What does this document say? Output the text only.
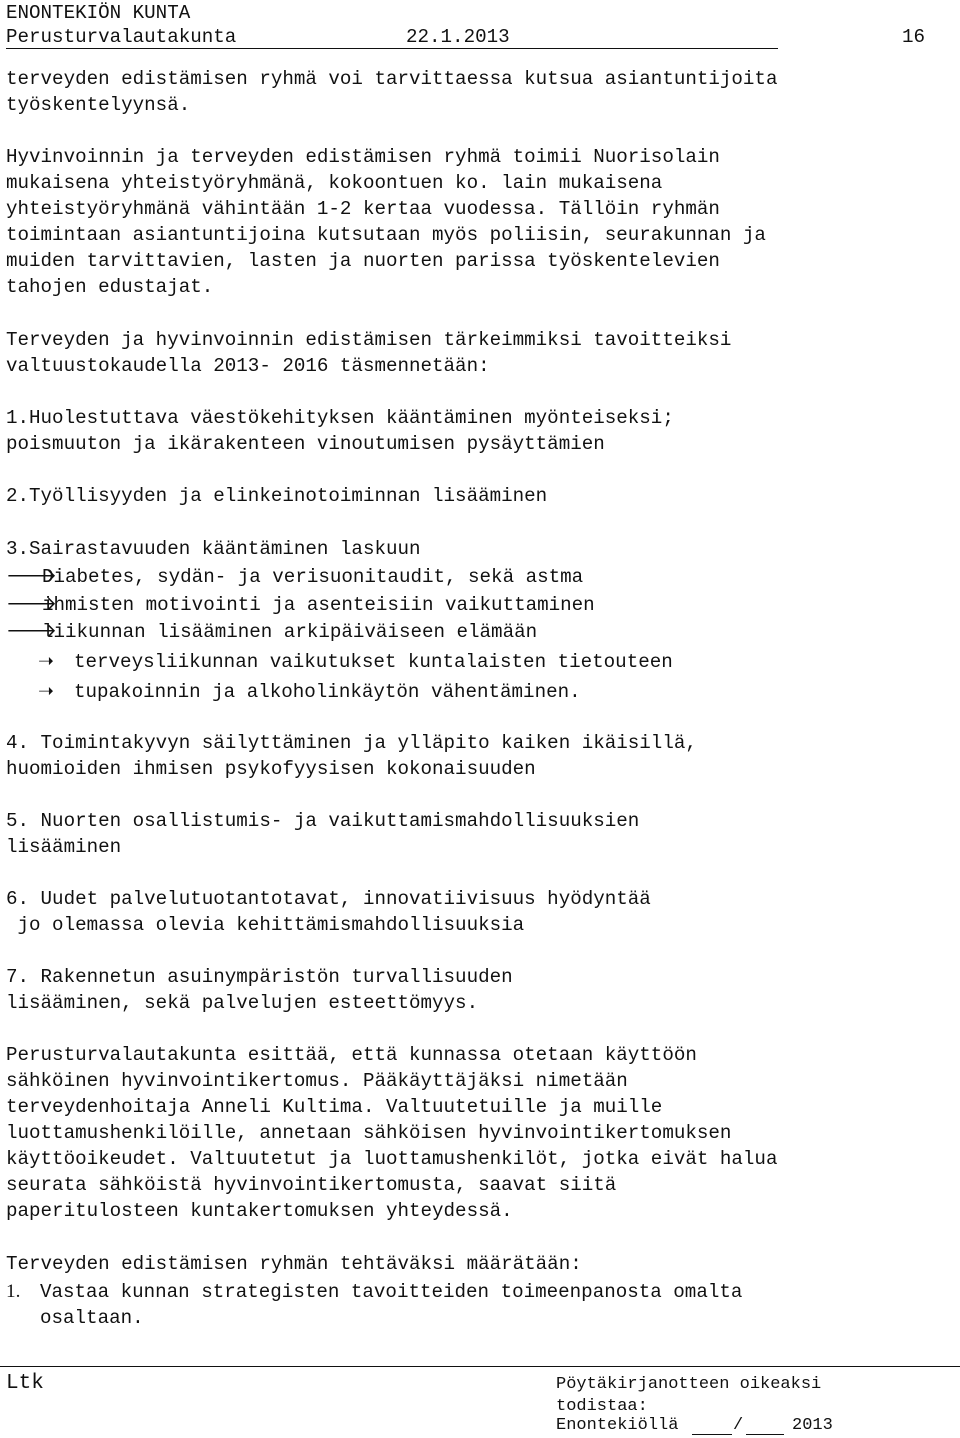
ENONTEKIÖN KUNTA
Perusturvalautakunta	22.1.2013	16
terveyden edistämisen ryhmä voi tarvittaessa kutsua asiantuntijoita
työskentelyynsä.
Hyvinvoinnin ja terveyden edistämisen ryhmä toimii Nuorisolain
mukaisena yhteistyöryhmänä, kokoontuen ko. lain mukaisena
yhteistyöryhmänä vähintään 1-2 kertaa vuodessa. Tällöin ryhmän
toimintaan asiantuntijoina kutsutaan myös poliisin, seurakunnan ja
muiden tarvittavien, lasten ja nuorten parissa työskentelevien
tahojen edustajat.
Terveyden ja hyvinvoinnin edistämisen tärkeimmiksi tavoitteiksi
valtuustokaudella 2013- 2016 täsmennetään:
1.Huolestuttava väestökehityksen kääntäminen myönteiseksi;
poismuuton ja ikärakenteen vinoutumisen pysäyttämien
2.Työllisyyden ja elinkeinotoiminnan lisääminen
3.Sairastavuuden kääntäminen laskuun
🡒Diabetes, sydän- ja verisuonitaudit, sekä astma
🡒ihmisten motivointi ja asenteisiin vaikuttaminen
🡒liikunnan lisääminen arkipäiväiseen elämään
➝ terveysliikunnan vaikutukset kuntalaisten tietouteen
➝ tupakoinnin ja alkoholinkäytön vähentäminen.
4. Toimintakyvyn säilyttäminen ja ylläpito kaiken ikäisillä,
huomioiden ihmisen psykofyysisen kokonaisuuden
5. Nuorten osallistumis- ja vaikuttamismahdollisuuksien
lisääminen
6. Uudet palvelutuotantotavat, innovatiivisuus hyödyntää
jo olemassa olevia kehittämismahdollisuuksia
7. Rakennetun asuinympäristön turvallisuuden
lisääminen, sekä palvelujen esteettömyys.
Perusturvalautakunta esittää, että kunnassa otetaan käyttöön
sähköinen hyvinvointikertomus. Pääkäyttäjäksi nimetään
terveydenhoitaja Anneli Kultima. Valtuutetuille ja muille
luottamushenkilöille, annetaan sähköisen hyvinvointikertomuksen
käyttöoikeudet. Valtuutetut ja luottamushenkilöt, jotka eivät halua
seurata sähköistä hyvinvointikertomusta, saavat siitä
paperitulosteen kuntakertomuksen yhteydessä.
Terveyden edistämisen ryhmän tehtäväksi määrätään:
1. Vastaa kunnan strategisten tavoitteiden toimeenpanosta omalta
osaltaan.
Ltk	Pöytäkirjanotteen oikeaksi
todistaa:
Enontekiöllä	/	2013
